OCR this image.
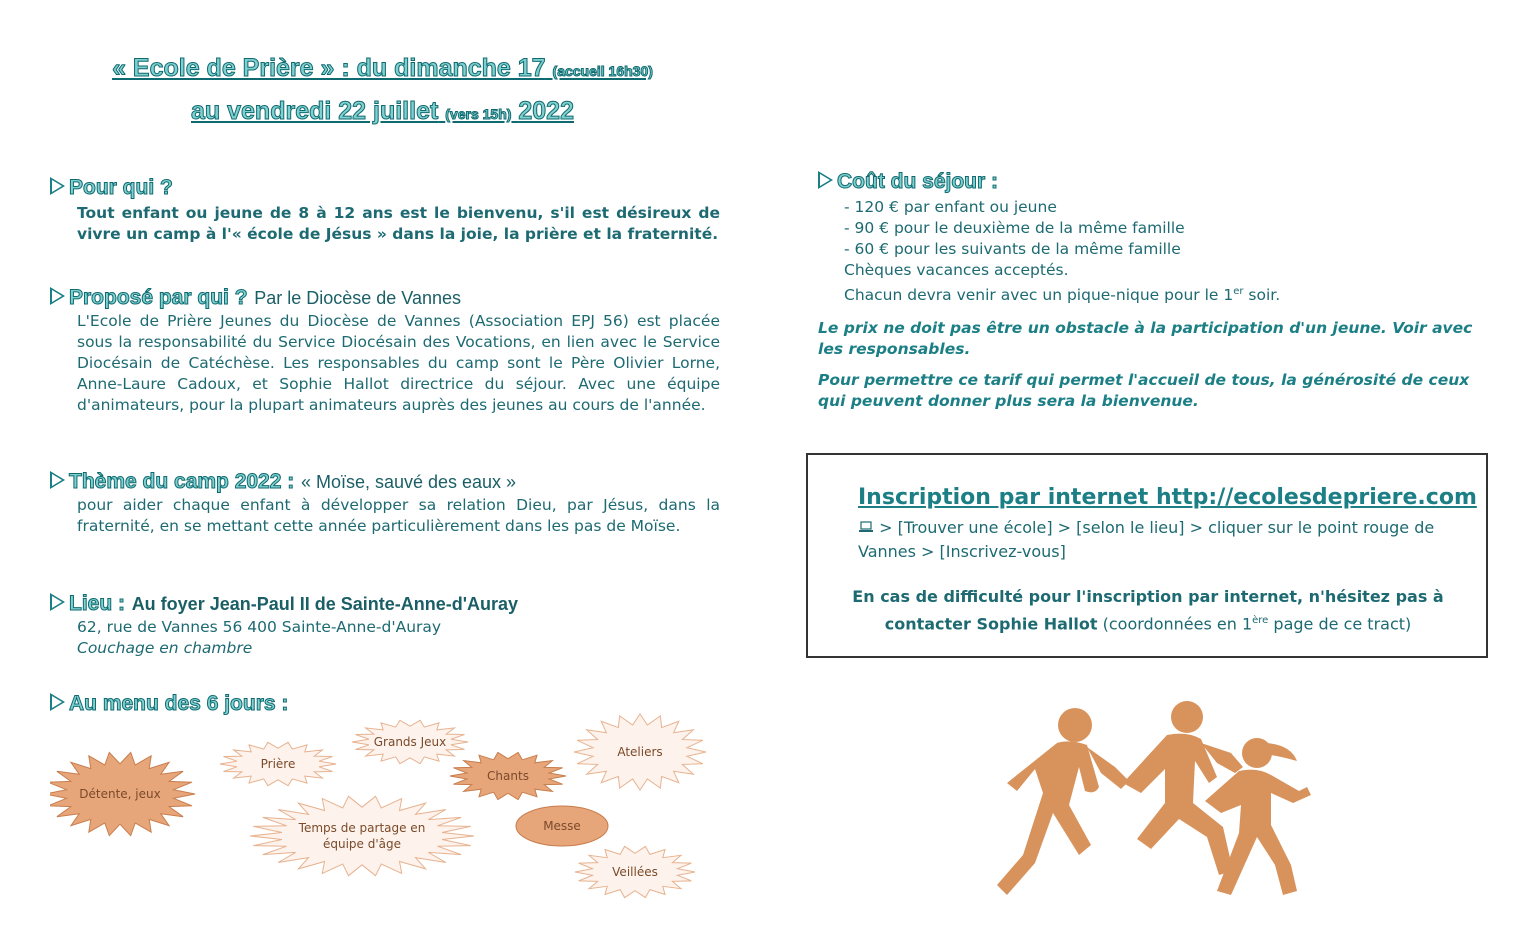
« Ecole de Prière » : du dimanche 17 (accueil 16h30)
au vendredi 22 juillet (vers 15h) 2022

Pour qui ?

Tout enfant ou jeune de 8 à 12 ans est le bienvenu, s'il est désireux de vivre un camp à l'« école de Jésus » dans la joie, la prière et la fraternité.

Proposé par qui ? Par le Diocèse de Vannes

L'Ecole de Prière Jeunes du Diocèse de Vannes (Association EPJ 56) est placée sous la responsabilité du Service Diocésain des Vocations, en lien avec le Service Diocésain de Catéchèse. Les responsables du camp sont le Père Olivier Lorne, Anne-Laure Cadoux, et Sophie Hallot directrice du séjour. Avec une équipe d'animateurs, pour la plupart animateurs auprès des jeunes au cours de l'année.

Thème du camp 2022 : « Moïse, sauvé des eaux »

pour aider chaque enfant à développer sa relation Dieu, par Jésus, dans la fraternité, en se mettant cette année particulièrement dans les pas de Moïse.

Lieu : Au foyer Jean-Paul II de Sainte-Anne-d'Auray

62, rue de Vannes 56 400 Sainte-Anne-d'Auray

Couchage en chambre

Au menu des 6 jours :

Détente, jeux
Prière
Grands Jeux
Chants
Ateliers
Temps de partage en
équipe d'âge
Veillées
Messe

Coût du séjour :

- 120 € par enfant ou jeune
- 90 € pour le deuxième de la même famille
- 60 € pour les suivants de la même famille
Chèques vacances acceptés.
Chacun devra venir avec un pique-nique pour le 1er soir.

Le prix ne doit pas être un obstacle à la participation d'un jeune. Voir avec les responsables.

Pour permettre ce tarif qui permet l'accueil de tous, la générosité de ceux qui peuvent donner plus sera la bienvenue.

Inscription par internet http://ecolesdepriere.com
> [Trouver une école] > [selon le lieu] > cliquer sur le point rouge de Vannes > [Inscrivez-vous]
En cas de difficulté pour l'inscription par internet, n'hésitez pas à contacter Sophie Hallot (coordonnées en 1ère page de ce tract)
